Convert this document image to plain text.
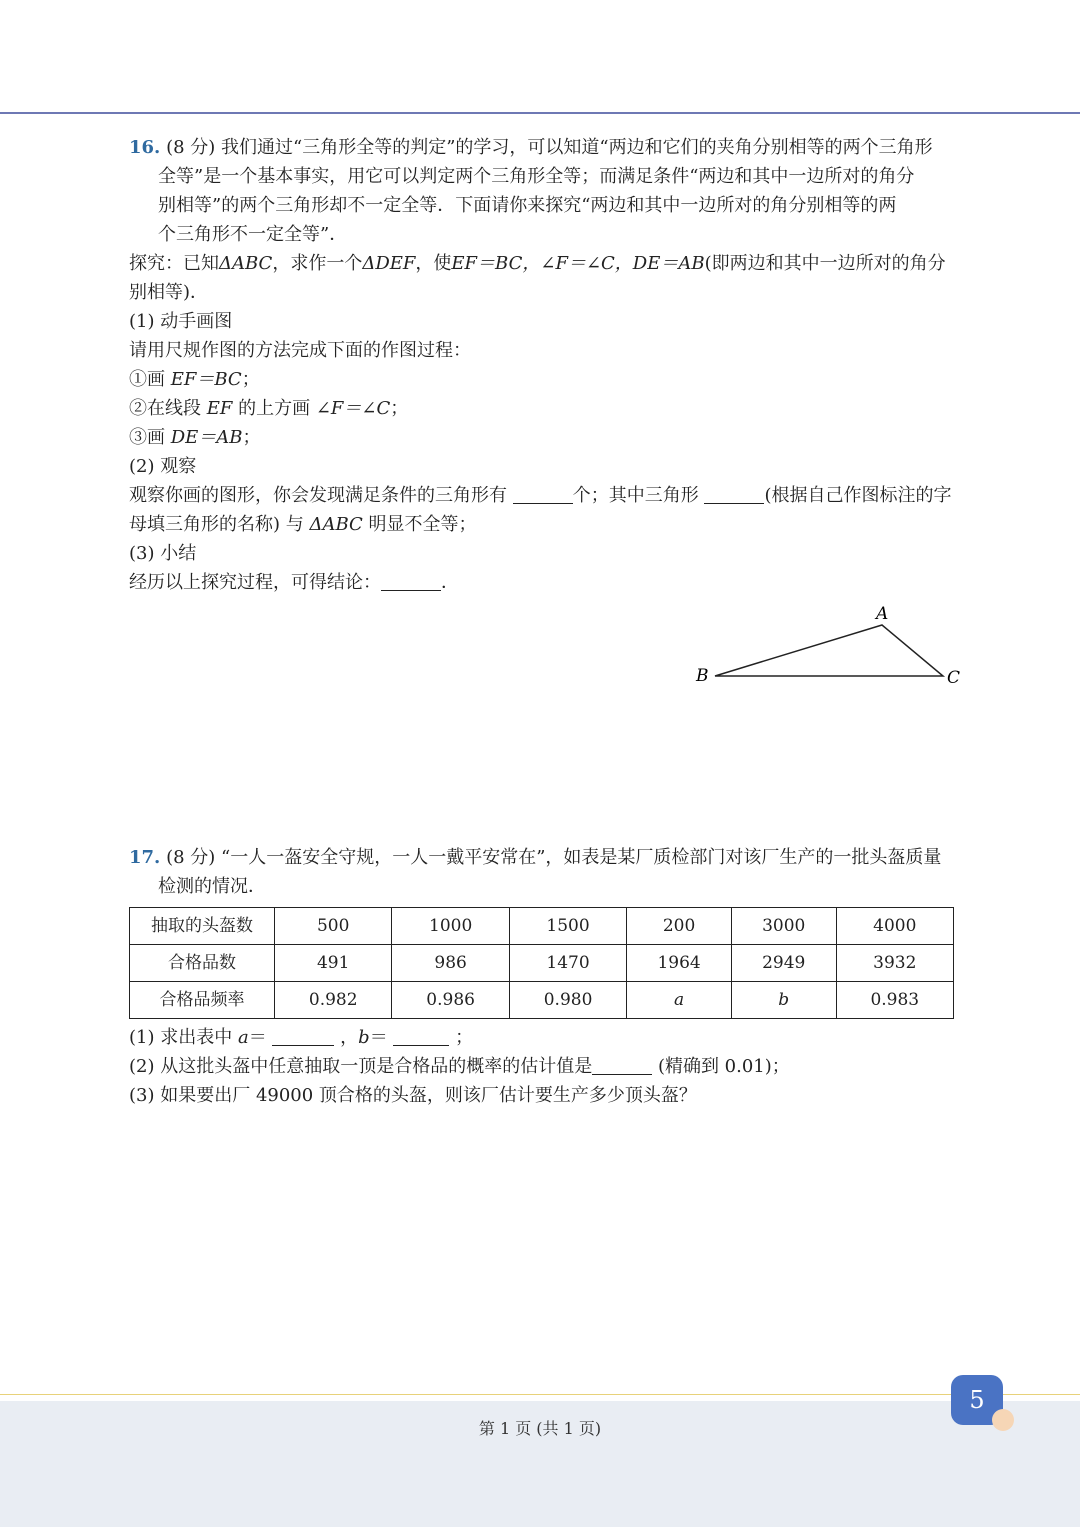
16. (8 分) 我们通过“三角形全等的判定”的学习，可以知道“两边和它们的夹角分别相等的两个三角形
全等”是一个基本事实，用它可以判定两个三角形全等；而满足条件“两边和其中一边所对的角分
别相等”的两个三角形却不一定全等．下面请你来探究“两边和其中一边所对的角分别相等的两
个三角形不一定全等”．
探究：已知ΔABC，求作一个ΔDEF，使EF＝BC，∠F＝∠C，DE＝AB(即两边和其中一边所对的角分
别相等)．
(1) 动手画图
请用尺规作图的方法完成下面的作图过程：
①画 EF＝BC；
②在线段 EF 的上方画 ∠F＝∠C；
③画 DE＝AB；
(2) 观察
观察你画的图形，你会发现满足条件的三角形有	个；其中三角形	(根据自己作图标注的字
母填三角形的名称) 与 ΔABC 明显不全等；
(3) 小结
经历以上探究过程，可得结论：	．
A
B	C
17. (8 分) “一人一盔安全守规，一人一戴平安常在”，如表是某厂质检部门对该厂生产的一批头盔质量
检测的情况．
抽取的头盔数	500	1000	1500	200	3000	4000
合格品数	491	986	1470	1964	2949	3932
合格品频率	0.982	0.986	0.980	a	b	0.983
(1) 求出表中 a＝	，b＝	；
(2) 从这批头盔中任意抽取一顶是合格品的概率的估计值是	(精确到 0.01)；
(3) 如果要出厂 49000 顶合格的头盔，则该厂估计要生产多少顶头盔？
第 1 页 (共 1 页)
5
